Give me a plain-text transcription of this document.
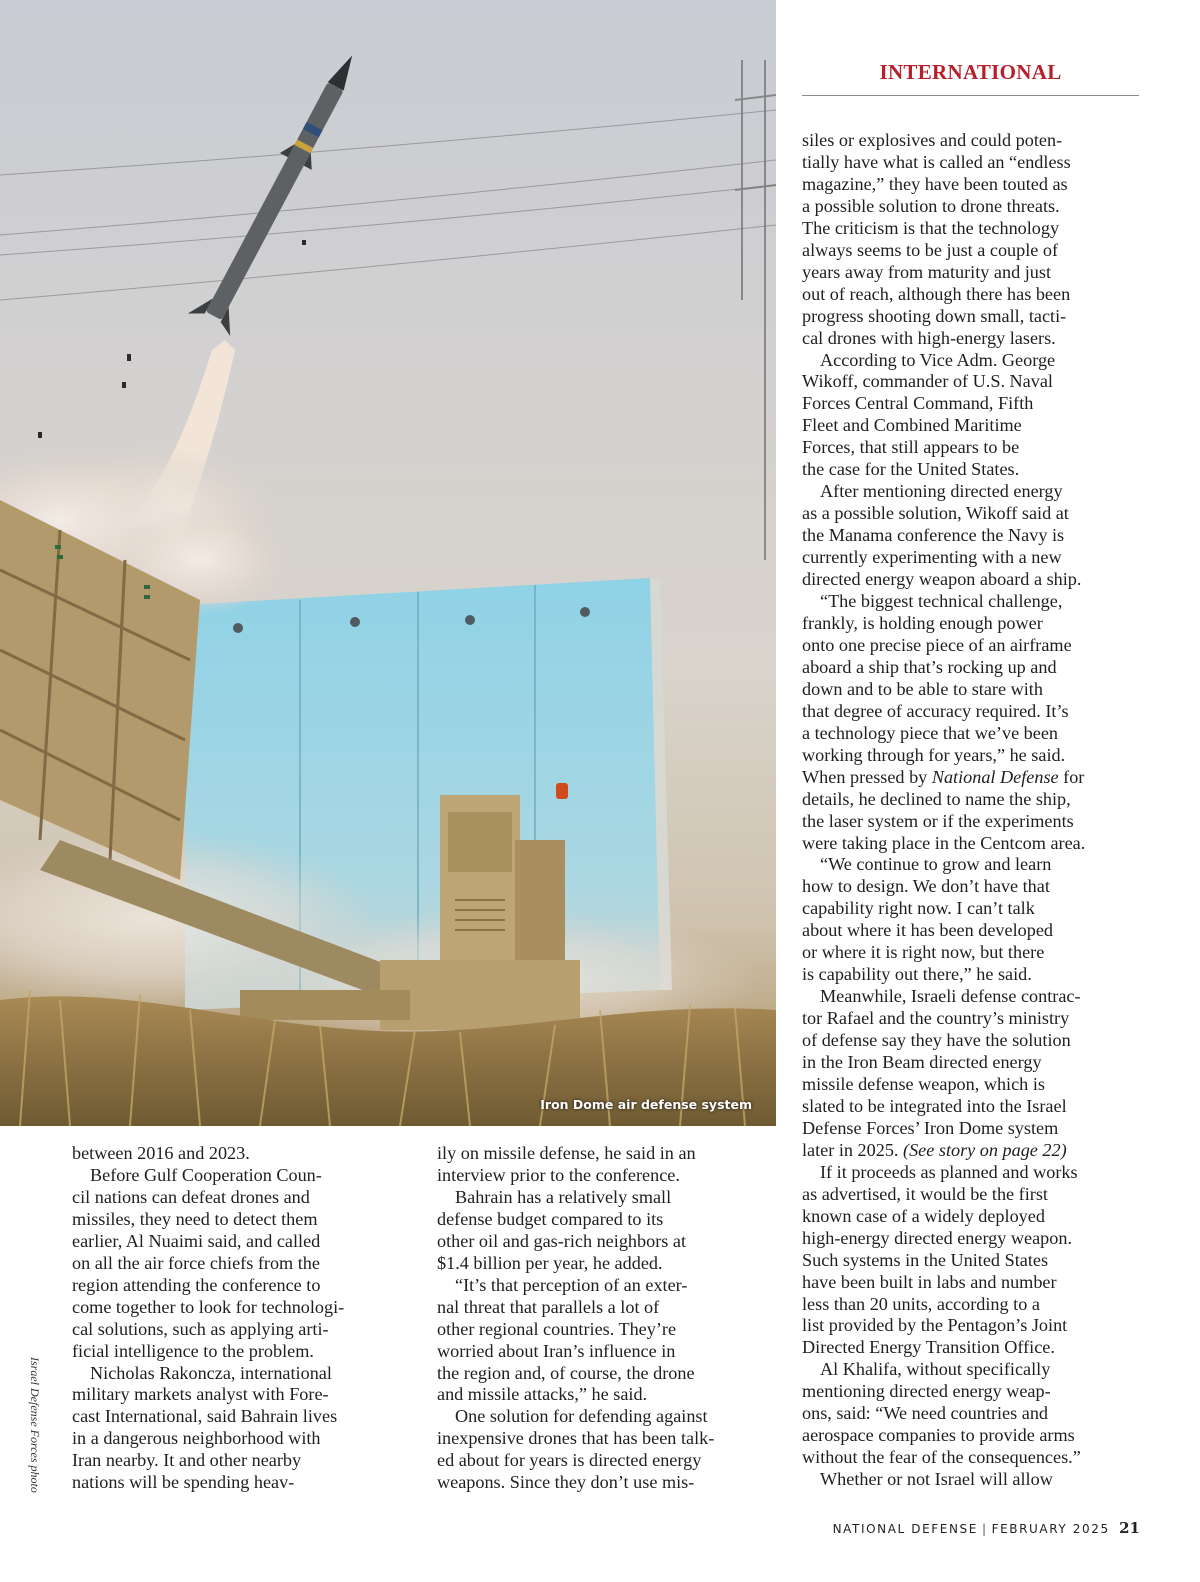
Iron Dome air defense system
Israel Defense Forces photo
INTERNATIONAL
between 2016 and 2023.
Before Gulf Cooperation Coun-
cil nations can defeat drones and
missiles, they need to detect them
earlier, Al Nuaimi said, and called
on all the air force chiefs from the
region attending the conference to
come together to look for technologi-
cal solutions, such as applying arti-
ficial intelligence to the problem.
Nicholas Rakoncza, international
military markets analyst with Fore-
cast International, said Bahrain lives
in a dangerous neighborhood with
Iran nearby. It and other nearby
nations will be spending heav-
ily on missile defense, he said in an
interview prior to the conference.
Bahrain has a relatively small
defense budget compared to its
other oil and gas-rich neighbors at
$1.4 billion per year, he added.
“It’s that perception of an exter-
nal threat that parallels a lot of
other regional countries. They’re
worried about Iran’s influence in
the region and, of course, the drone
and missile attacks,” he said.
One solution for defending against
inexpensive drones that has been talk-
ed about for years is directed energy
weapons. Since they don’t use mis-
siles or explosives and could poten-
tially have what is called an “endless
magazine,” they have been touted as
a possible solution to drone threats.
The criticism is that the technology
always seems to be just a couple of
years away from maturity and just
out of reach, although there has been
progress shooting down small, tacti-
cal drones with high-energy lasers.
According to Vice Adm. George
Wikoff, commander of U.S. Naval
Forces Central Command, Fifth
Fleet and Combined Maritime
Forces, that still appears to be
the case for the United States.
After mentioning directed energy
as a possible solution, Wikoff said at
the Manama conference the Navy is
currently experimenting with a new
directed energy weapon aboard a ship.
“The biggest technical challenge,
frankly, is holding enough power
onto one precise piece of an airframe
aboard a ship that’s rocking up and
down and to be able to stare with
that degree of accuracy required. It’s
a technology piece that we’ve been
working through for years,” he said.
When pressed by National Defense for
details, he declined to name the ship,
the laser system or if the experiments
were taking place in the Centcom area.
“We continue to grow and learn
how to design. We don’t have that
capability right now. I can’t talk
about where it has been developed
or where it is right now, but there
is capability out there,” he said.
Meanwhile, Israeli defense contrac-
tor Rafael and the country’s ministry
of defense say they have the solution
in the Iron Beam directed energy
missile defense weapon, which is
slated to be integrated into the Israel
Defense Forces’ Iron Dome system
later in 2025. (See story on page 22)
If it proceeds as planned and works
as advertised, it would be the first
known case of a widely deployed
high-energy directed energy weapon.
Such systems in the United States
have been built in labs and number
less than 20 units, according to a
list provided by the Pentagon’s Joint
Directed Energy Transition Office.
Al Khalifa, without specifically
mentioning directed energy weap-
ons, said: “We need countries and
aerospace companies to provide arms
without the fear of the consequences.”
Whether or not Israel will allow
NATIONAL DEFENSE | FEBRUARY 2025 21
